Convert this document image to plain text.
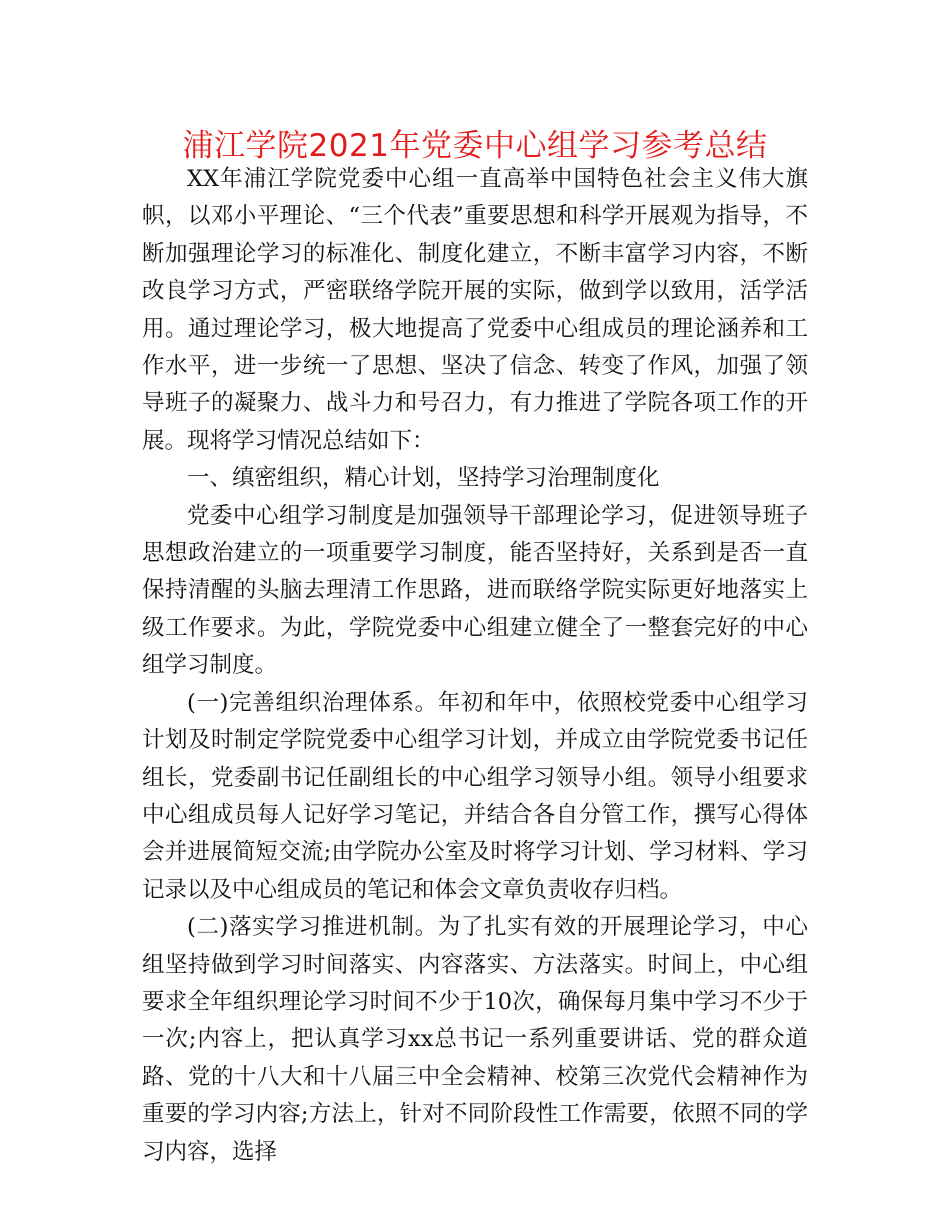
浦江学院2021年党委中心组学习参考总结

XX年浦江学院党委中心组一直高举中国特色社会主义伟大旗帜，以邓小平理论、“三个代表”重要思想和科学开展观为指导，不断加强理论学习的标准化、制度化建立，不断丰富学习内容，不断改良学习方式，严密联络学院开展的实际，做到学以致用，活学活用。通过理论学习，极大地提高了党委中心组成员的理论涵养和工作水平，进一步统一了思想、坚决了信念、转变了作风，加强了领导班子的凝聚力、战斗力和号召力，有力推进了学院各项工作的开展。现将学习情况总结如下：

一、缜密组织，精心计划，坚持学习治理制度化

党委中心组学习制度是加强领导干部理论学习，促进领导班子思想政治建立的一项重要学习制度，能否坚持好，关系到是否一直保持清醒的头脑去理清工作思路，进而联络学院实际更好地落实上级工作要求。为此，学院党委中心组建立健全了一整套完好的中心组学习制度。

(一)完善组织治理体系。年初和年中，依照校党委中心组学习计划及时制定学院党委中心组学习计划，并成立由学院党委书记任组长，党委副书记任副组长的中心组学习领导小组。领导小组要求中心组成员每人记好学习笔记，并结合各自分管工作，撰写心得体会并进展简短交流;由学院办公室及时将学习计划、学习材料、学习记录以及中心组成员的笔记和体会文章负责收存归档。

(二)落实学习推进机制。为了扎实有效的开展理论学习，中心组坚持做到学习时间落实、内容落实、方法落实。时间上，中心组要求全年组织理论学习时间不少于10次，确保每月集中学习不少于一次;内容上，把认真学习xx总书记一系列重要讲话、党的群众道路、党的十八大和十八届三中全会精神、校第三次党代会精神作为重要的学习内容;方法上，针对不同阶段性工作需要，依照不同的学习内容，选择
